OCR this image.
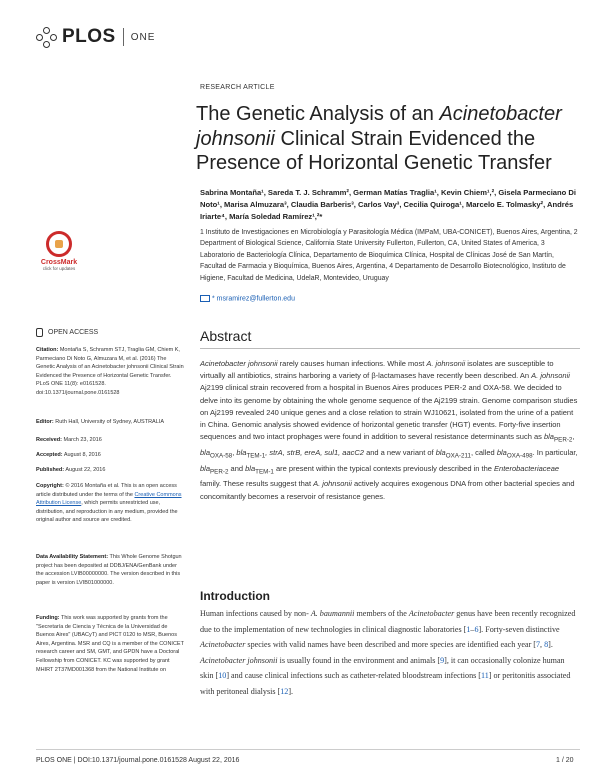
PLOS ONE
RESEARCH ARTICLE
The Genetic Analysis of an Acinetobacter johnsonii Clinical Strain Evidenced the Presence of Horizontal Genetic Transfer
Sabrina Montaña¹, Sareda T. J. Schramm², German Matías Traglia¹, Kevin Chiem¹,², Gisela Parmeciano Di Noto¹, Marisa Almuzara³, Claudia Barberis³, Carlos Vay³, Cecilia Quiroga¹, Marcelo E. Tolmasky², Andrés Iriarte⁴, María Soledad Ramírez¹,²*
CrossMark
click for updates
1 Instituto de Investigaciones en Microbiología y Parasitología Médica (IMPaM, UBA-CONICET), Buenos Aires, Argentina, 2 Department of Biological Science, California State University Fullerton, Fullerton, CA, United States of America, 3 Laboratorio de Bacteriología Clínica, Departamento de Bioquímica Clínica, Hospital de Clínicas José de San Martín, Facultad de Farmacia y Bioquímica, Buenos Aires, Argentina, 4 Departamento de Desarrollo Biotecnológico, Instituto de Higiene, Facultad de Medicina, UdelaR, Montevideo, Uruguay
* msramirez@fullerton.edu
OPEN ACCESS
Citation: Montaña S, Schramm STJ, Traglia GM, Chiem K, Parmeciano Di Noto G, Almuzara M, et al. (2016) The Genetic Analysis of an Acinetobacter johnsonii Clinical Strain Evidenced the Presence of Horizontal Genetic Transfer. PLoS ONE 11(8): e0161528. doi:10.1371/journal.pone.0161528
Editor: Ruth Hall, University of Sydney, AUSTRALIA
Received: March 23, 2016
Accepted: August 8, 2016
Published: August 22, 2016
Copyright: © 2016 Montaña et al. This is an open access article distributed under the terms of the Creative Commons Attribution License, which permits unrestricted use, distribution, and reproduction in any medium, provided the original author and source are credited.
Data Availability Statement: This Whole Genome Shotgun project has been deposited at DDBJ/ENA/GenBank under the accession LVIB00000000. The version described in this paper is version LVIB01000000.
Funding: This work was supported by grants from the "Secretaría de Ciencia y Técnica de la Universidad de Buenos Aires" (UBACyT) and PICT 0120 to MSR, Buenos Aires, Argentina. MSR and CQ is a member of the CONICET research career and SM, GMT, and GPDN have a Doctoral Fellowship from CONICET. KC was supported by grant MHIRT 2T37MD001368 from the National Institute on
Abstract
Acinetobacter johnsonii rarely causes human infections. While most A. johnsonii isolates are susceptible to virtually all antibiotics, strains harboring a variety of β-lactamases have recently been described. An A. johnsonii Aj2199 clinical strain recovered from a hospital in Buenos Aires produces PER-2 and OXA-58. We decided to delve into its genome by obtaining the whole genome sequence of the Aj2199 strain. Genome comparison studies on Aj2199 revealed 240 unique genes and a close relation to strain WJ10621, isolated from the urine of a patient in China. Genomic analysis showed evidence of horizontal genetic transfer (HGT) events. Forty-five insertion sequences and two intact prophages were found in addition to several resistance determinants such as bla$_{PER-2}$, bla$_{OXA-58}$, bla$_{TEM-1}$, strA, strB, ereA, sul1, aacC2 and a new variant of bla$_{OXA-211}$, called bla$_{OXA-498}$. In particular, bla$_{PER-2}$ and bla$_{TEM-1}$ are present within the typical contexts previously described in the Enterobacteriaceae family. These results suggest that A. johnsonii actively acquires exogenous DNA from other bacterial species and concomitantly becomes a reservoir of resistance genes.
Introduction
Human infections caused by non- A. baumannii members of the Acinetobacter genus have been recently recognized due to the implementation of new technologies in clinical diagnostic laboratories [1–6]. Forty-seven distinctive Acinetobacter species with valid names have been described and more species are identified each year [7, 8]. Acinetobacter johnsonii is usually found in the environment and animals [9], it can occasionally colonize human skin [10] and cause clinical infections such as catheter-related bloodstream infections [11] or peritonitis associated with peritoneal dialysis [12].
PLOS ONE | DOI:10.1371/journal.pone.0161528 August 22, 2016	1 / 20
